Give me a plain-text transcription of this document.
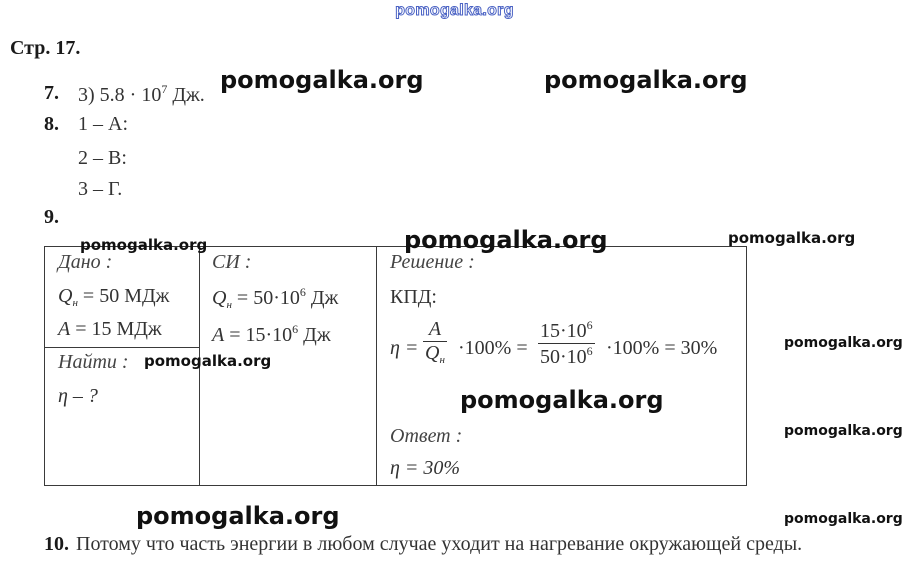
pomogalka.org
Стр. 17.
7. 3) $5.8 \cdot 10^7$ Дж.
8. 1 – А:
2 – В:
3 – Г.
9.
Дано :
$Q_н = 50$ МДж
A = 15 МДж
Найти :
η – ?
СИ :
$Q_н = 50\cdot 10^6$ Дж
$A = 15\cdot 10^6$ Дж
Решение :
КПД:
η =
A
$Q_н$
·100% =
$15\cdot 10^6$
$50\cdot 10^6 \cdot 100\% = 30\%$
Ответ :
η = 30%
10. Потому что часть энергии в любом случае уходит на нагревание окружающей среды.
pomogalka.org	pomogalka.org
pomogalka.org	pomogalka.org	pomogalka.org
pomogalka.org
pomogalka.org
pomogalka.org
pomogalka.org
pomogalka.org	pomogalka.org
